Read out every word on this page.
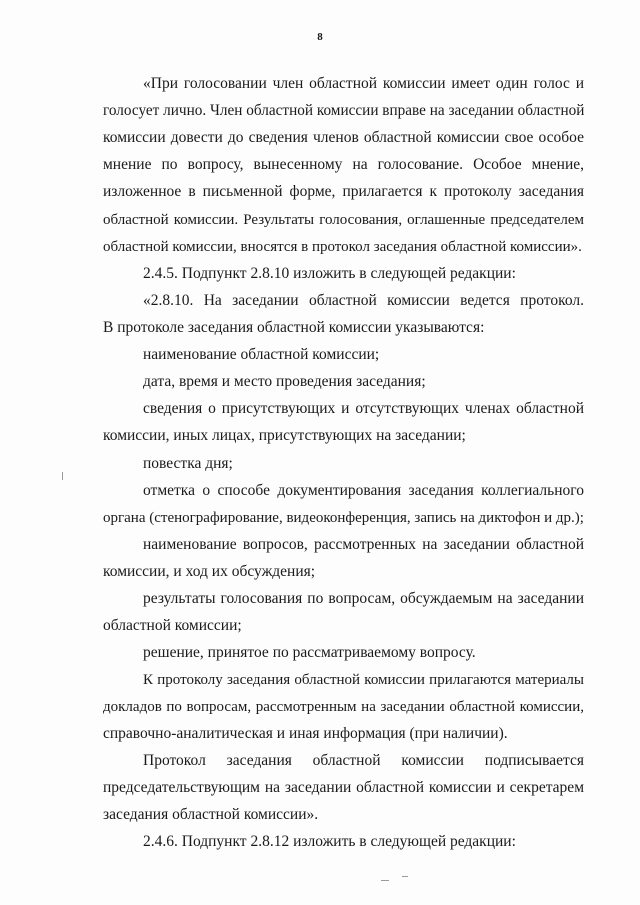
8
«При голосовании член областной комиссии имеет один голос и
голосует лично. Член областной комиссии вправе на заседании областной
комиссии довести до сведения членов областной комиссии свое особое
мнение по вопросу, вынесенному на голосование. Особое мнение,
изложенное в письменной форме, прилагается к протоколу заседания
областной комиссии. Результаты голосования, оглашенные председателем
областной комиссии, вносятся в протокол заседания областной комиссии».
2.4.5. Подпункт 2.8.10 изложить в следующей редакции:
«2.8.10. На заседании областной комиссии ведется протокол.
В протоколе заседания областной комиссии указываются:
наименование областной комиссии;
дата, время и место проведения заседания;
сведения о присутствующих и отсутствующих членах областной
комиссии, иных лицах, присутствующих на заседании;
повестка дня;
отметка о способе документирования заседания коллегиального
органа (стенографирование, видеоконференция, запись на диктофон и др.);
наименование вопросов, рассмотренных на заседании областной
комиссии, и ход их обсуждения;
результаты голосования по вопросам, обсуждаемым на заседании
областной комиссии;
решение, принятое по рассматриваемому вопросу.
К протоколу заседания областной комиссии прилагаются материалы
докладов по вопросам, рассмотренным на заседании областной комиссии,
справочно-аналитическая и иная информация (при наличии).
Протокол заседания областной комиссии подписывается
председательствующим на заседании областной комиссии и секретарем
заседания областной комиссии».
2.4.6. Подпункт 2.8.12 изложить в следующей редакции:
